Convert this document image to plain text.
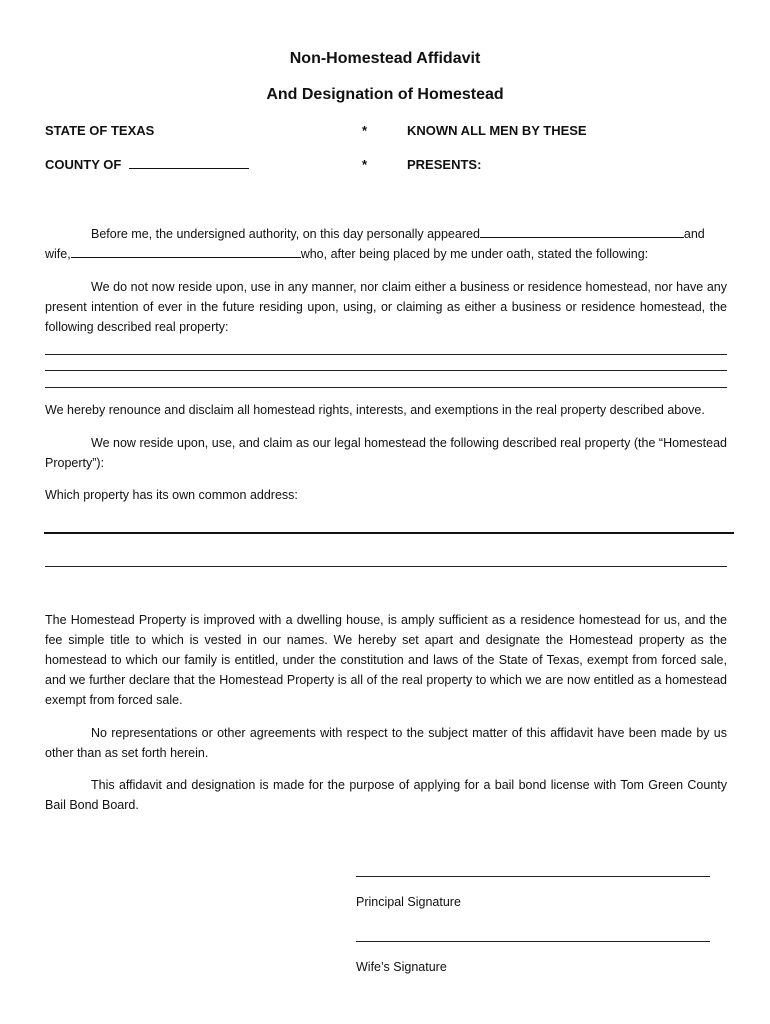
Non-Homestead Affidavit
And Designation of Homestead
STATE OF TEXAS	*	KNOWN ALL MEN BY THESE
COUNTY OF	*	PRESENTS:
Before me, the undersigned authority, on this day personally appeared	and
wife,	who, after being placed by me under oath, stated the following:
We do not now reside upon, use in any manner, nor claim either a business or residence homestead, nor have any present intention of ever in the future residing upon, using, or claiming as either a business or residence homestead, the following described real property:
We hereby renounce and disclaim all homestead rights, interests, and exemptions in the real property described above.
We now reside upon, use, and claim as our legal homestead the following described real property (the “Homestead Property”):
Which property has its own common address:
The Homestead Property is improved with a dwelling house, is amply sufficient as a residence homestead for us, and the fee simple title to which is vested in our names. We hereby set apart and designate the Homestead property as the homestead to which our family is entitled, under the constitution and laws of the State of Texas, exempt from forced sale, and we further declare that the Homestead Property is all of the real property to which we are now entitled as a homestead exempt from forced sale.
No representations or other agreements with respect to the subject matter of this affidavit have been made by us other than as set forth herein.
This affidavit and designation is made for the purpose of applying for a bail bond license with Tom Green County Bail Bond Board.
Principal Signature
Wife’s Signature
